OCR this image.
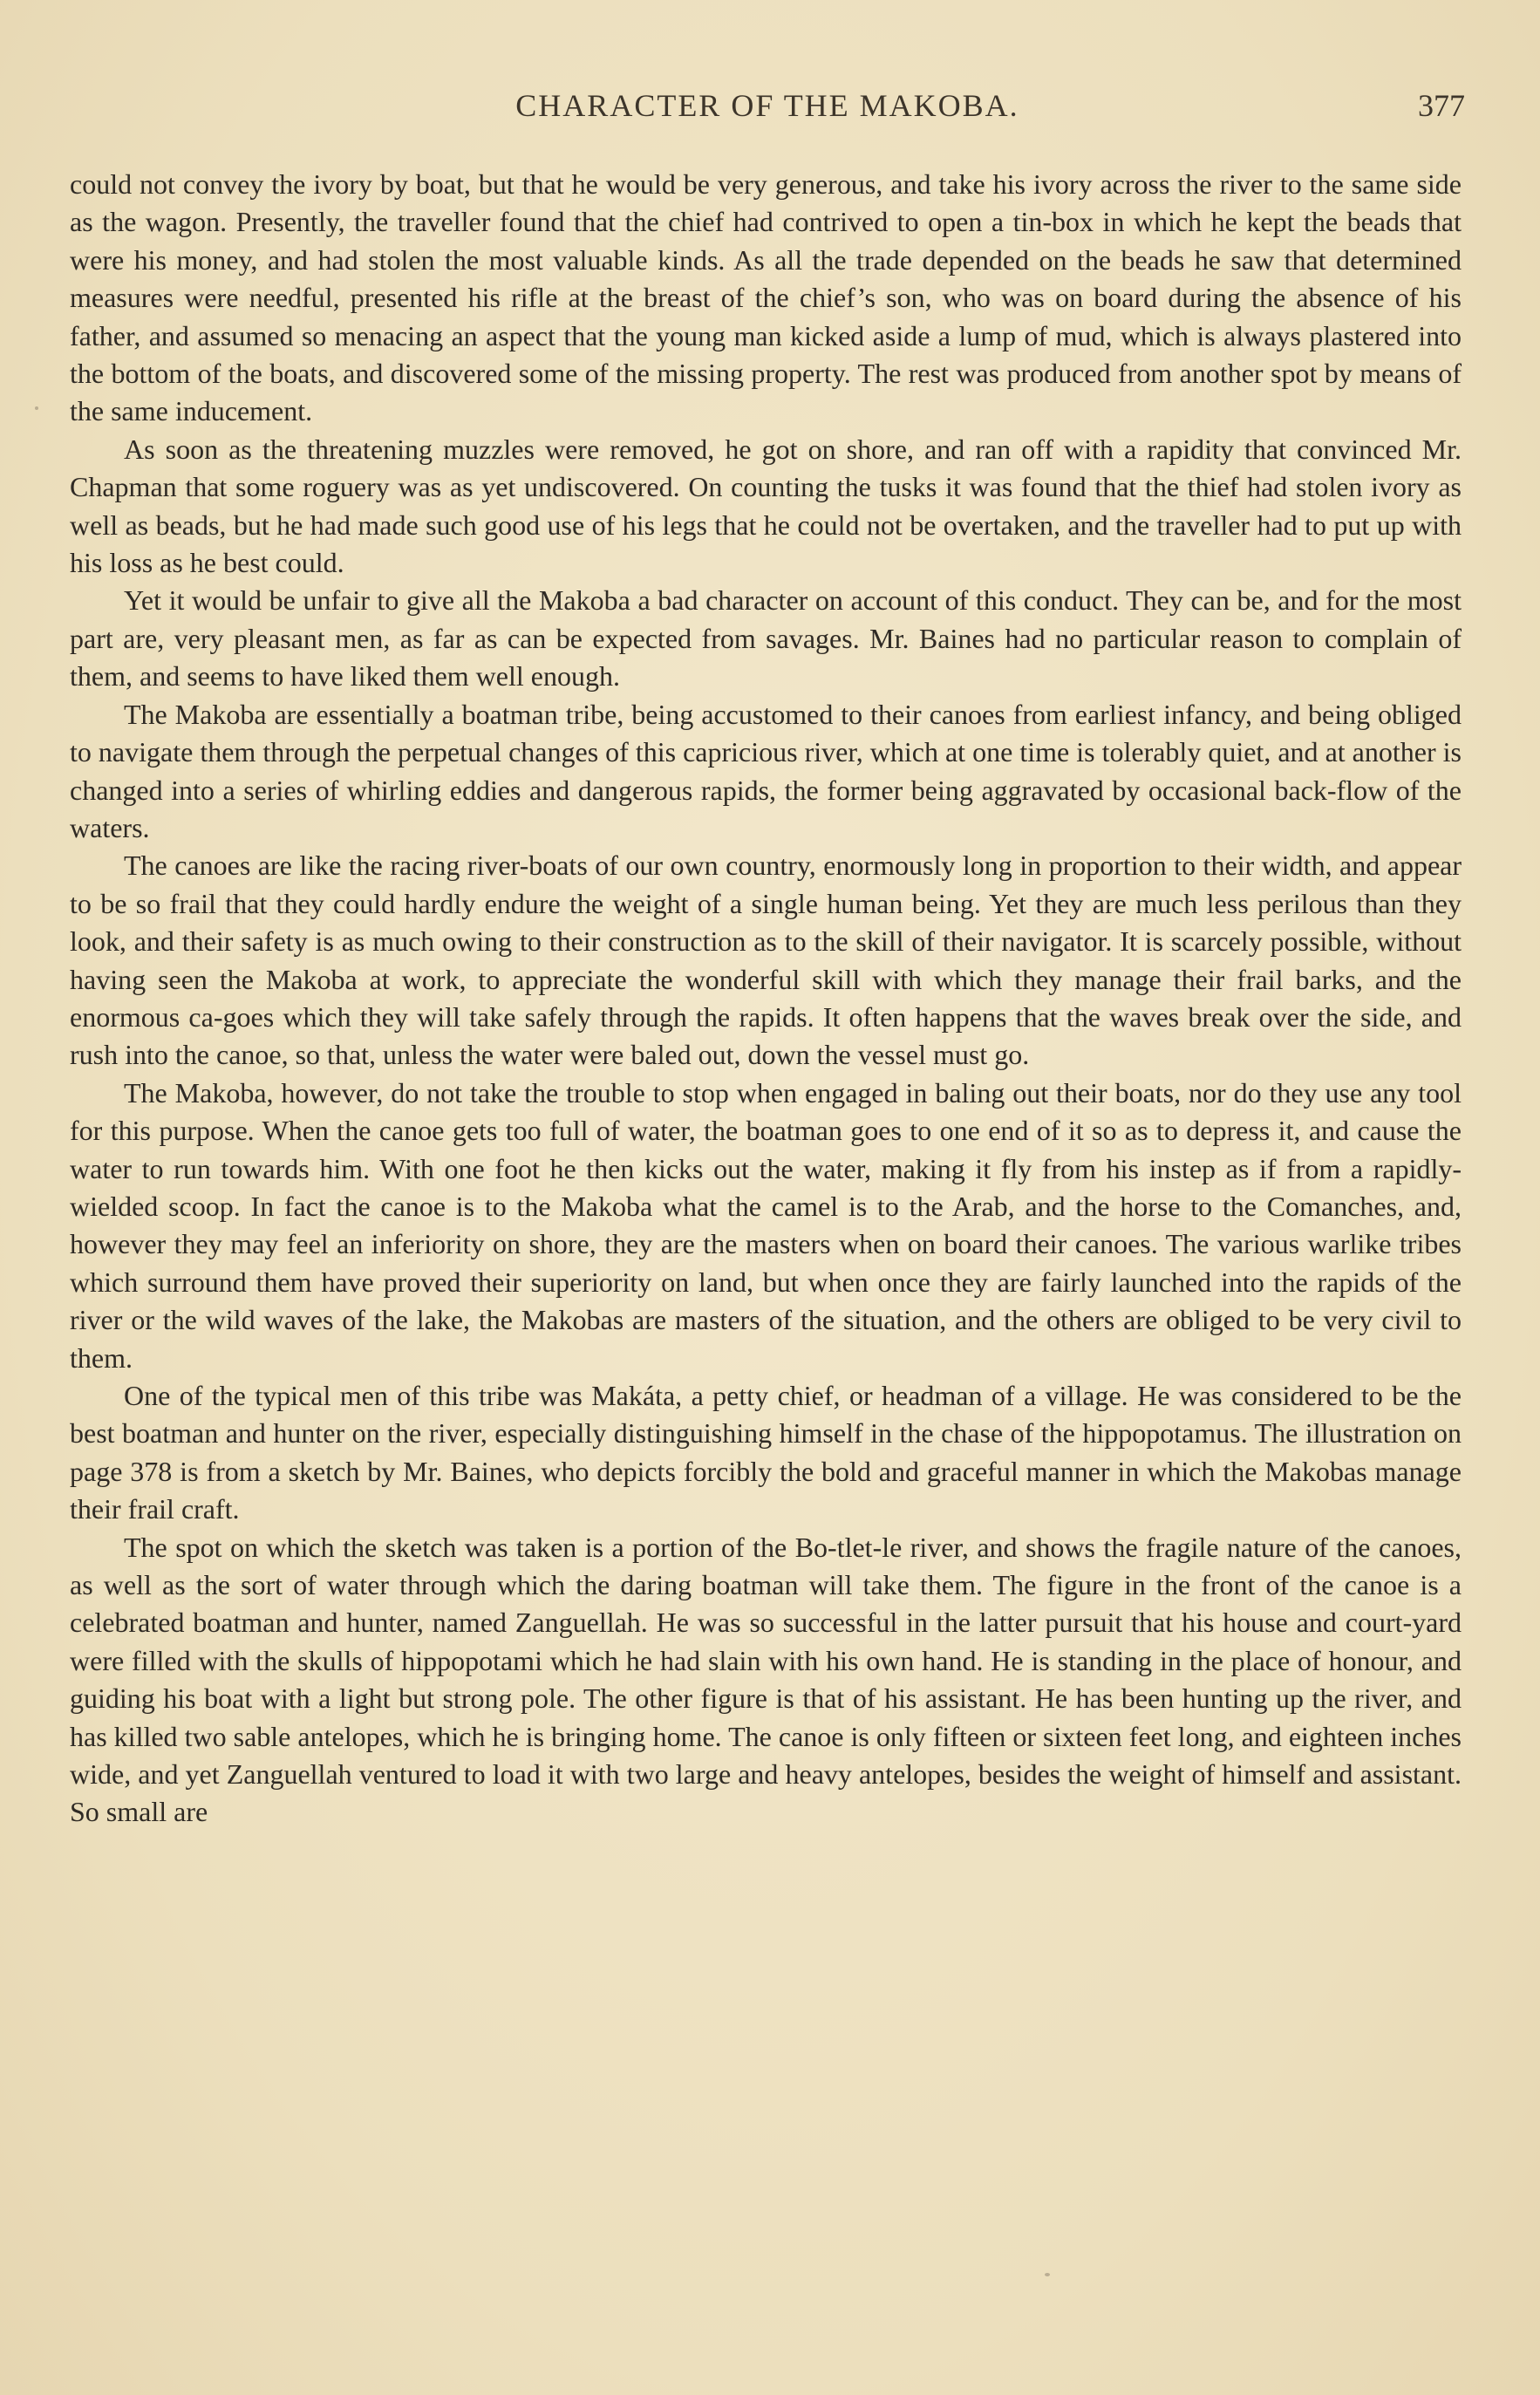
CHARACTER OF THE MAKOBA.	377

could not convey the ivory by boat, but that he would be very generous, and take his ivory across the river to the same side as the wagon. Presently, the traveller found that the chief had contrived to open a tin-box in which he kept the beads that were his money, and had stolen the most valuable kinds. As all the trade depended on the beads he saw that determined measures were needful, presented his rifle at the breast of the chief’s son, who was on board during the absence of his father, and assumed so menacing an aspect that the young man kicked aside a lump of mud, which is always plastered into the bottom of the boats, and discovered some of the missing property. The rest was produced from another spot by means of the same inducement.

As soon as the threatening muzzles were removed, he got on shore, and ran off with a rapidity that convinced Mr. Chapman that some roguery was as yet undiscovered. On counting the tusks it was found that the thief had stolen ivory as well as beads, but he had made such good use of his legs that he could not be overtaken, and the traveller had to put up with his loss as he best could.

Yet it would be unfair to give all the Makoba a bad character on account of this conduct. They can be, and for the most part are, very pleasant men, as far as can be expected from savages. Mr. Baines had no particular reason to complain of them, and seems to have liked them well enough.

The Makoba are essentially a boatman tribe, being accustomed to their canoes from earliest infancy, and being obliged to navigate them through the perpetual changes of this capricious river, which at one time is tolerably quiet, and at another is changed into a series of whirling eddies and dangerous rapids, the former being aggravated by occasional back-flow of the waters.

The canoes are like the racing river-boats of our own country, enormously long in proportion to their width, and appear to be so frail that they could hardly endure the weight of a single human being. Yet they are much less perilous than they look, and their safety is as much owing to their construction as to the skill of their navigator. It is scarcely possible, without having seen the Makoba at work, to appreciate the wonderful skill with which they manage their frail barks, and the enormous ca-goes which they will take safely through the rapids. It often happens that the waves break over the side, and rush into the canoe, so that, unless the water were baled out, down the vessel must go.

The Makoba, however, do not take the trouble to stop when engaged in baling out their boats, nor do they use any tool for this purpose. When the canoe gets too full of water, the boatman goes to one end of it so as to depress it, and cause the water to run towards him. With one foot he then kicks out the water, making it fly from his instep as if from a rapidly-wielded scoop. In fact the canoe is to the Makoba what the camel is to the Arab, and the horse to the Comanches, and, however they may feel an inferiority on shore, they are the masters when on board their canoes. The various warlike tribes which surround them have proved their superiority on land, but when once they are fairly launched into the rapids of the river or the wild waves of the lake, the Makobas are masters of the situation, and the others are obliged to be very civil to them.

One of the typical men of this tribe was Makáta, a petty chief, or headman of a village. He was considered to be the best boatman and hunter on the river, especially distinguishing himself in the chase of the hippopotamus. The illustration on page 378 is from a sketch by Mr. Baines, who depicts forcibly the bold and graceful manner in which the Makobas manage their frail craft.

The spot on which the sketch was taken is a portion of the Bo-tlet-le river, and shows the fragile nature of the canoes, as well as the sort of water through which the daring boatman will take them. The figure in the front of the canoe is a celebrated boatman and hunter, named Zanguellah. He was so successful in the latter pursuit that his house and court-yard were filled with the skulls of hippopotami which he had slain with his own hand. He is standing in the place of honour, and guiding his boat with a light but strong pole. The other figure is that of his assistant. He has been hunting up the river, and has killed two sable antelopes, which he is bringing home. The canoe is only fifteen or sixteen feet long, and eighteen inches wide, and yet Zanguellah ventured to load it with two large and heavy antelopes, besides the weight of himself and assistant. So small are
